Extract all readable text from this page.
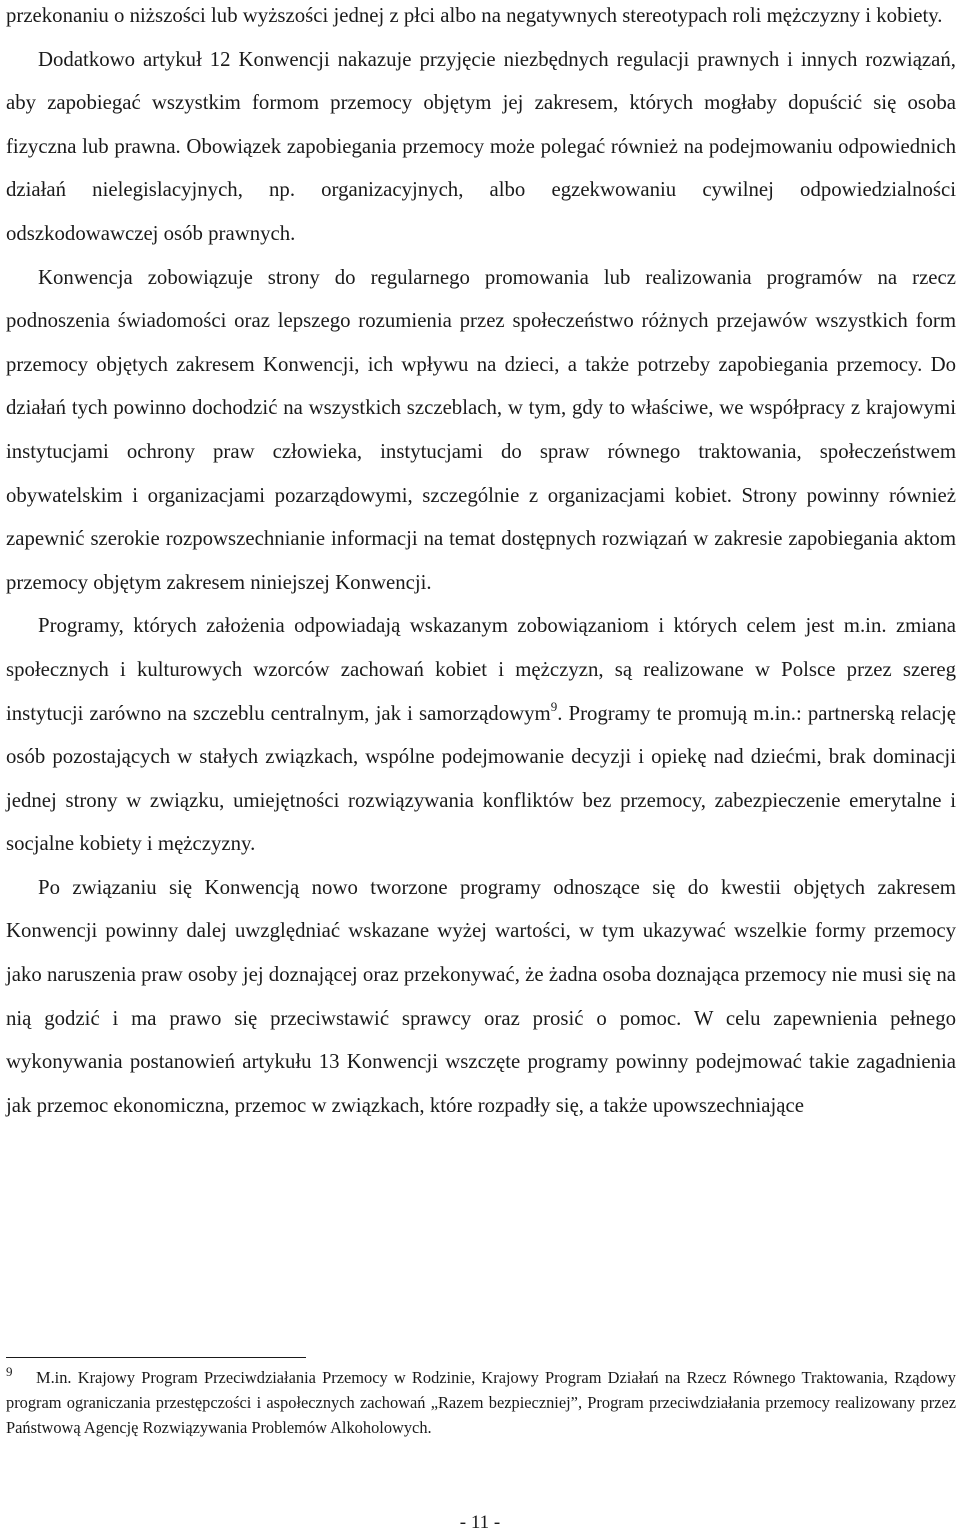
przekonaniu o niższości lub wyższości jednej z płci albo na negatywnych stereotypach roli mężczyzny i kobiety.

Dodatkowo artykuł 12 Konwencji nakazuje przyjęcie niezbędnych regulacji prawnych i innych rozwiązań, aby zapobiegać wszystkim formom przemocy objętym jej zakresem, których mogłaby dopuścić się osoba fizyczna lub prawna. Obowiązek zapobiegania przemocy może polegać również na podejmowaniu odpowiednich działań nielegislacyjnych, np. organizacyjnych, albo egzekwowaniu cywilnej odpowiedzialności odszkodowawczej osób prawnych.

Konwencja zobowiązuje strony do regularnego promowania lub realizowania programów na rzecz podnoszenia świadomości oraz lepszego rozumienia przez społeczeństwo różnych przejawów wszystkich form przemocy objętych zakresem Konwencji, ich wpływu na dzieci, a także potrzeby zapobiegania przemocy. Do działań tych powinno dochodzić na wszystkich szczeblach, w tym, gdy to właściwe, we współpracy z krajowymi instytucjami ochrony praw człowieka, instytucjami do spraw równego traktowania, społeczeństwem obywatelskim i organizacjami pozarządowymi, szczególnie z organizacjami kobiet. Strony powinny również zapewnić szerokie rozpowszechnianie informacji na temat dostępnych rozwiązań w zakresie zapobiegania aktom przemocy objętym zakresem niniejszej Konwencji.

Programy, których założenia odpowiadają wskazanym zobowiązaniom i których celem jest m.in. zmiana społecznych i kulturowych wzorców zachowań kobiet i mężczyzn, są realizowane w Polsce przez szereg instytucji zarówno na szczeblu centralnym, jak i samorządowym$^9$. Programy te promują m.in.: partnerską relację osób pozostających w stałych związkach, wspólne podejmowanie decyzji i opiekę nad dziećmi, brak dominacji jednej strony w związku, umiejętności rozwiązywania konfliktów bez przemocy, zabezpieczenie emerytalne i socjalne kobiety i mężczyzny.

Po związaniu się Konwencją nowo tworzone programy odnoszące się do kwestii objętych zakresem Konwencji powinny dalej uwzględniać wskazane wyżej wartości, w tym ukazywać wszelkie formy przemocy jako naruszenia praw osoby jej doznającej oraz przekonywać, że żadna osoba doznająca przemocy nie musi się na nią godzić i ma prawo się przeciwstawić sprawcy oraz prosić o pomoc. W celu zapewnienia pełnego wykonywania postanowień artykułu 13 Konwencji wszczęte programy powinny podejmować takie zagadnienia jak przemoc ekonomiczna, przemoc w związkach, które rozpadły się, a także upowszechniające

9 M.in. Krajowy Program Przeciwdziałania Przemocy w Rodzinie, Krajowy Program Działań na Rzecz Równego Traktowania, Rządowy program ograniczania przestępczości i aspołecznych zachowań „Razem bezpieczniej”, Program przeciwdziałania przemocy realizowany przez Państwową Agencję Rozwiązywania Problemów Alkoholowych.

- 11 -
